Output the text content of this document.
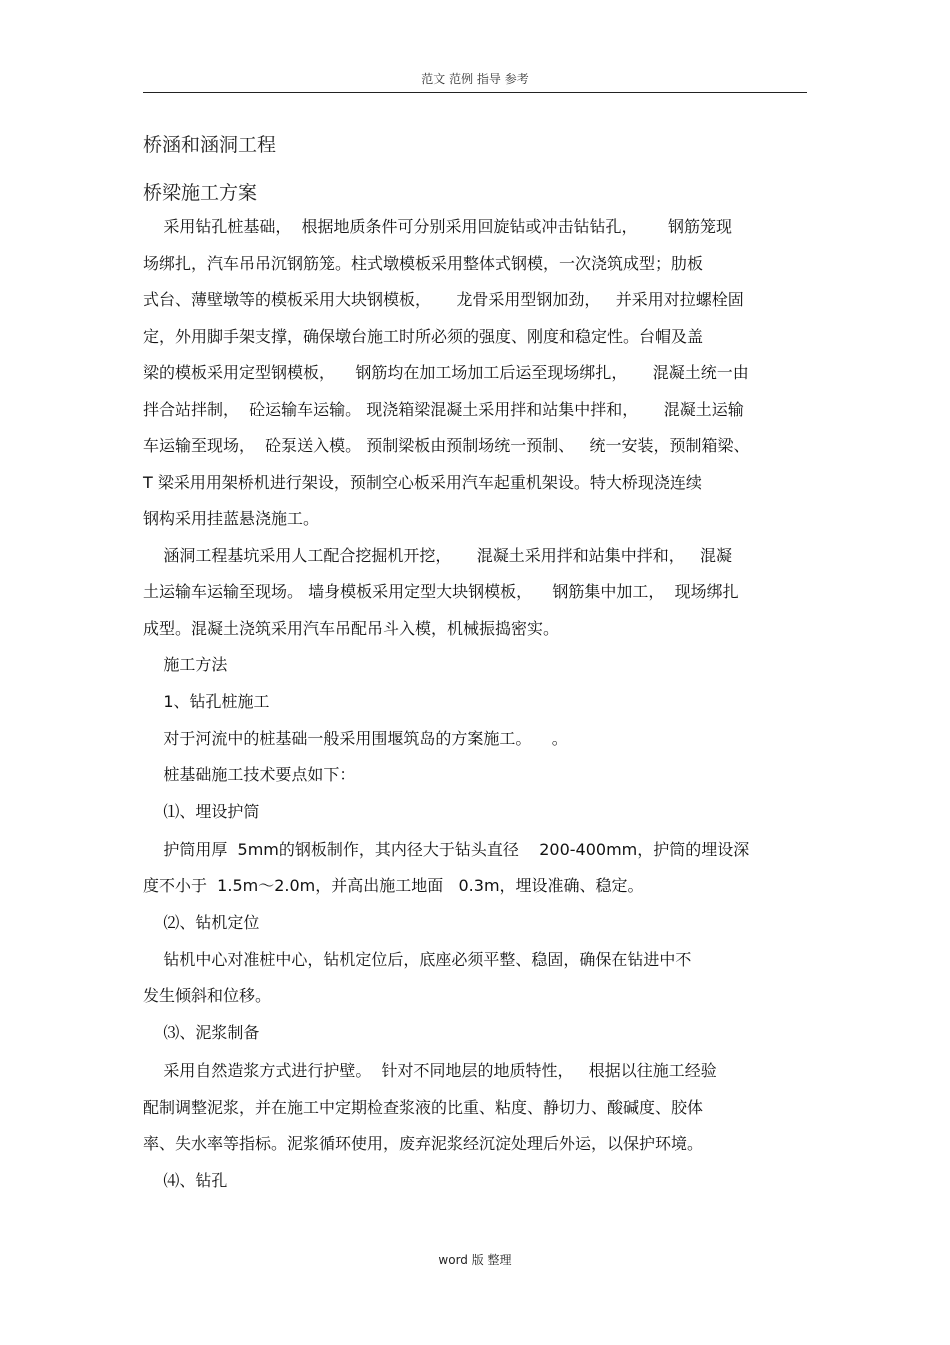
范文 范例 指导 参考
桥涵和涵洞工程
桥梁施工方案
采用钻孔桩基础，  根据地质条件可分别采用回旋钻或冲击钻钻孔，      钢筋笼现
场绑扎，汽车吊吊沉钢筋笼。柱式墩模板采用整体式钢模，一次浇筑成型；肋板
式台、薄壁墩等的模板采用大块钢模板，     龙骨采用型钢加劲，   并采用对拉螺栓固
定，外用脚手架支撑，确保墩台施工时所必须的强度、刚度和稳定性。台帽及盖
梁的模板采用定型钢模板，    钢筋均在加工场加工后运至现场绑扎，     混凝土统一由
拌合站拌制，  砼运输车运输。 现浇箱梁混凝土采用拌和站集中拌和，     混凝土运输
车运输至现场，  砼泵送入模。 预制梁板由预制场统一预制、   统一安装，预制箱梁、
T 梁采用用架桥机进行架设，预制空心板采用汽车起重机架设。特大桥现浇连续
钢构采用挂蓝悬浇施工。
涵洞工程基坑采用人工配合挖掘机开挖，     混凝土采用拌和站集中拌和，   混凝
土运输车运输至现场。 墙身模板采用定型大块钢模板，    钢筋集中加工，  现场绑扎
成型。混凝土浇筑采用汽车吊配吊斗入模，机械振捣密实。
施工方法
1、钻孔桩施工
对于河流中的桩基础一般采用围堰筑岛的方案施工。    。
桩基础施工技术要点如下：
⑴、埋设护筒
护筒用厚  5mm的钢板制作，其内径大于钻头直径    200-400mm，护筒的埋设深
度不小于  1.5m～2.0m，并高出施工地面   0.3m，埋设准确、稳定。
⑵、钻机定位
钻机中心对准桩中心，钻机定位后，底座必须平整、稳固，确保在钻进中不
发生倾斜和位移。
⑶、泥浆制备
采用自然造浆方式进行护壁。  针对不同地层的地质特性，   根据以往施工经验
配制调整泥浆，并在施工中定期检查浆液的比重、粘度、静切力、酸碱度、胶体
率、失水率等指标。泥浆循环使用，废弃泥浆经沉淀处理后外运，以保护环境。
⑷、钻孔
word 版 整理
